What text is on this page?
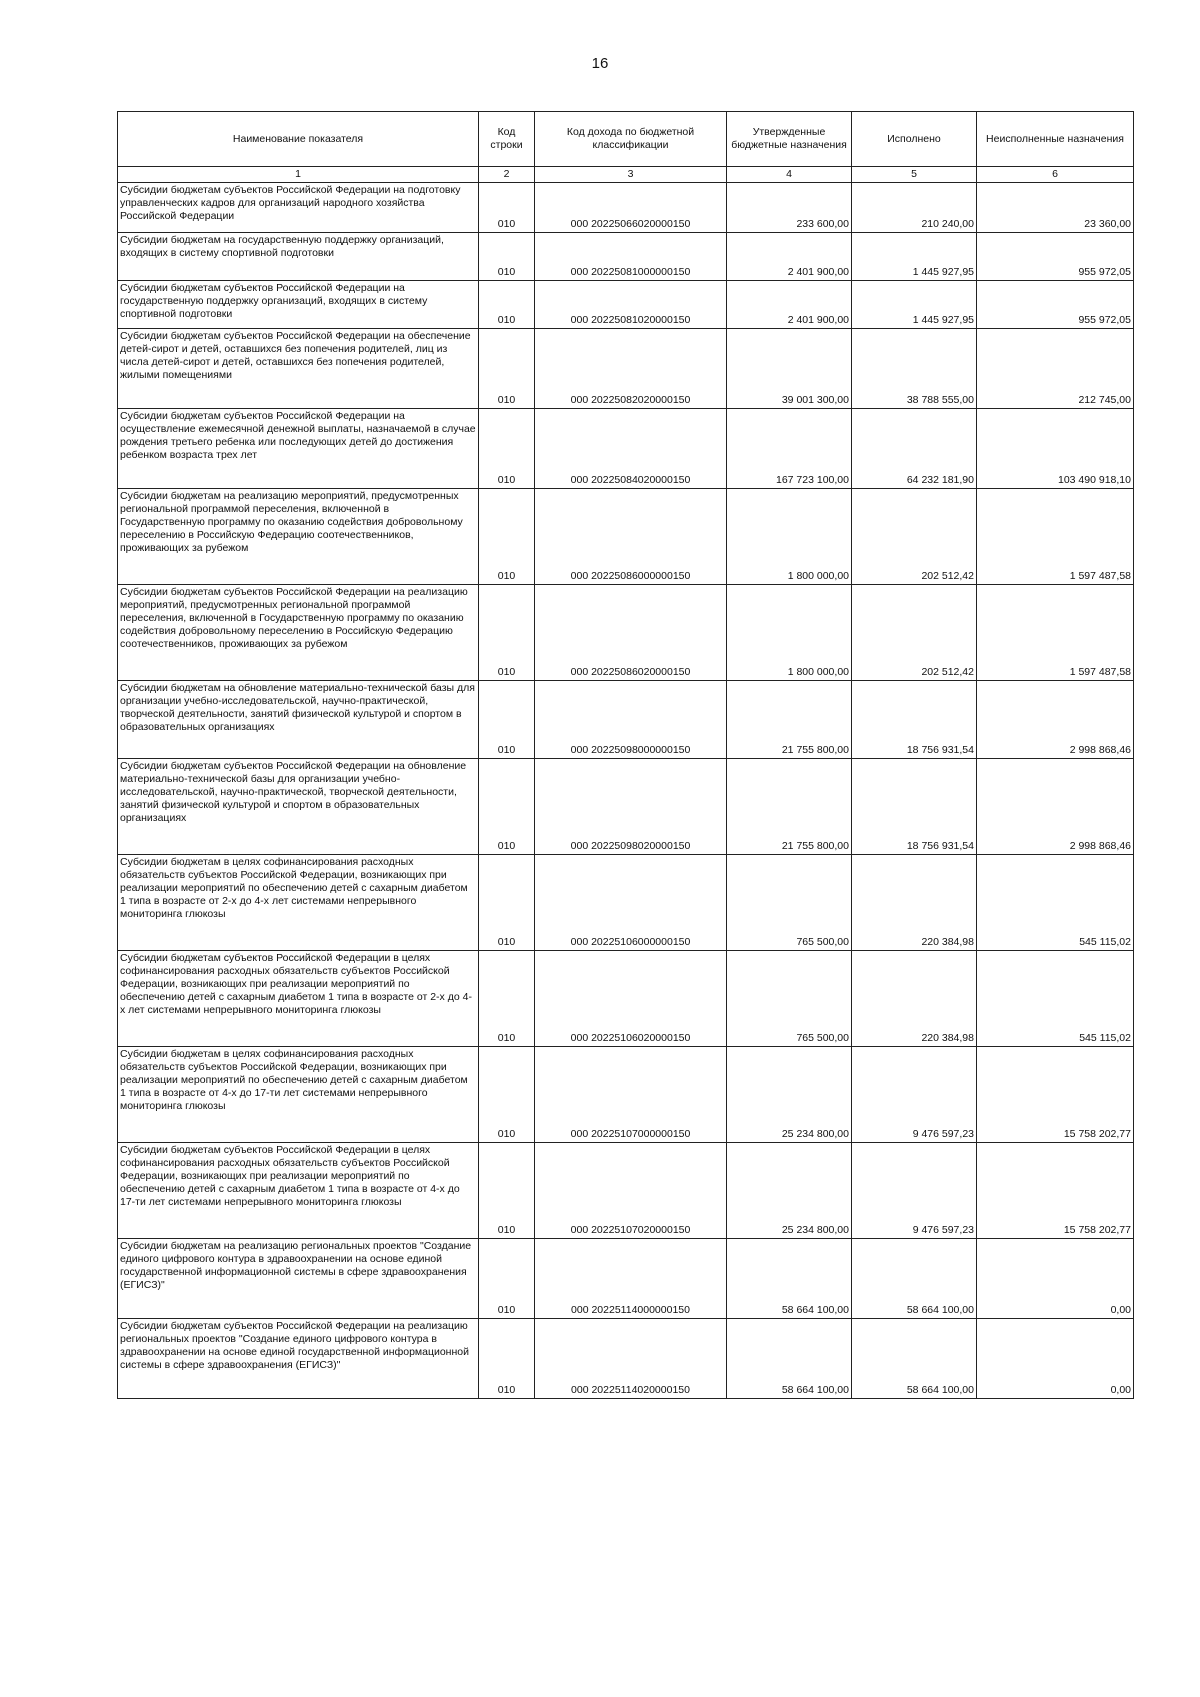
16
Наименование показателя	Код строки	Код дохода по бюджетной классификации	Утвержденные бюджетные назначения	Исполнено	Неисполненные назначения
1	2	3	4	5	6
Субсидии бюджетам субъектов Российской Федерации на подготовку управленческих кадров для организаций народного хозяйства Российской Федерации	010	000 20225066020000150	233 600,00	210 240,00	23 360,00
Субсидии бюджетам на государственную поддержку организаций, входящих в систему спортивной подготовки	010	000 20225081000000150	2 401 900,00	1 445 927,95	955 972,05
Субсидии бюджетам субъектов Российской Федерации на государственную поддержку организаций, входящих в систему спортивной подготовки	010	000 20225081020000150	2 401 900,00	1 445 927,95	955 972,05
Субсидии бюджетам субъектов Российской Федерации на обеспечение детей-сирот и детей, оставшихся без попечения родителей, лиц из числа детей-сирот и детей, оставшихся без попечения родителей, жилыми помещениями	010	000 20225082020000150	39 001 300,00	38 788 555,00	212 745,00
Субсидии бюджетам субъектов Российской Федерации на осуществление ежемесячной денежной выплаты, назначаемой в случае рождения третьего ребенка или последующих детей до достижения ребенком возраста трех лет	010	000 20225084020000150	167 723 100,00	64 232 181,90	103 490 918,10
Субсидии бюджетам на реализацию мероприятий, предусмотренных региональной программой переселения, включенной в Государственную программу по оказанию содействия добровольному переселению в Российскую Федерацию соотечественников, проживающих за рубежом	010	000 20225086000000150	1 800 000,00	202 512,42	1 597 487,58
Субсидии бюджетам субъектов Российской Федерации на реализацию мероприятий, предусмотренных региональной программой переселения, включенной в Государственную программу по оказанию содействия добровольному переселению в Российскую Федерацию соотечественников, проживающих за рубежом	010	000 20225086020000150	1 800 000,00	202 512,42	1 597 487,58
Субсидии бюджетам на обновление материально-технической базы для организации учебно-исследовательской, научно-практической, творческой деятельности, занятий физической культурой и спортом в образовательных организациях	010	000 20225098000000150	21 755 800,00	18 756 931,54	2 998 868,46
Субсидии бюджетам субъектов Российской Федерации на обновление материально-технической базы для организации учебно-исследовательской, научно-практической, творческой деятельности, занятий физической культурой и спортом в образовательных организациях	010	000 20225098020000150	21 755 800,00	18 756 931,54	2 998 868,46
Субсидии бюджетам в целях софинансирования расходных обязательств субъектов Российской Федерации, возникающих при реализации мероприятий по обеспечению детей с сахарным диабетом 1 типа в возрасте от 2-х до 4-х лет системами непрерывного мониторинга глюкозы	010	000 20225106000000150	765 500,00	220 384,98	545 115,02
Субсидии бюджетам субъектов Российской Федерации в целях софинансирования расходных обязательств субъектов Российской Федерации, возникающих при реализации мероприятий по обеспечению детей с сахарным диабетом 1 типа в возрасте от 2-х до 4-х лет системами непрерывного мониторинга глюкозы	010	000 20225106020000150	765 500,00	220 384,98	545 115,02
Субсидии бюджетам в целях софинансирования расходных обязательств субъектов Российской Федерации, возникающих при реализации мероприятий по обеспечению детей с сахарным диабетом 1 типа в возрасте от 4-х до 17-ти лет системами непрерывного мониторинга глюкозы	010	000 20225107000000150	25 234 800,00	9 476 597,23	15 758 202,77
Субсидии бюджетам субъектов Российской Федерации в целях софинансирования расходных обязательств субъектов Российской Федерации, возникающих при реализации мероприятий по обеспечению детей с сахарным диабетом 1 типа в возрасте от 4-х до 17-ти лет системами непрерывного мониторинга глюкозы	010	000 20225107020000150	25 234 800,00	9 476 597,23	15 758 202,77
Субсидии бюджетам на реализацию региональных проектов "Создание единого цифрового контура в здравоохранении на основе единой государственной информационной системы в сфере здравоохранения (ЕГИСЗ)"	010	000 20225114000000150	58 664 100,00	58 664 100,00	0,00
Субсидии бюджетам субъектов Российской Федерации на реализацию региональных проектов "Создание единого цифрового контура в здравоохранении на основе единой государственной информационной системы в сфере здравоохранения (ЕГИСЗ)"	010	000 20225114020000150	58 664 100,00	58 664 100,00	0,00
